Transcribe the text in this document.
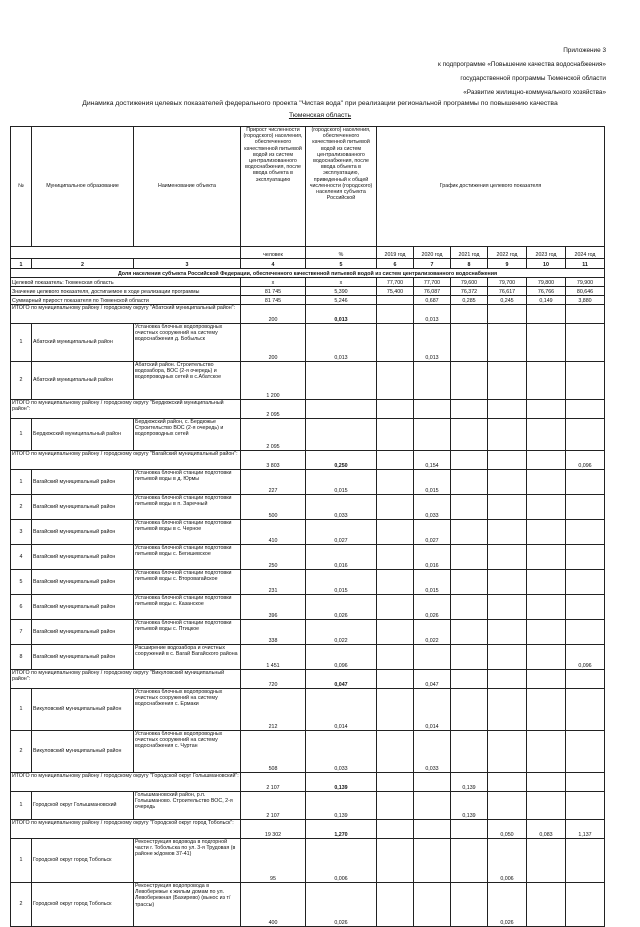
Приложение 3
к подпрограмме «Повышение качества водоснабжения»
государственной программы Тюменской области
«Развитие жилищно-коммунального хозяйства»
Динамика достижения целевых показателей федерального проекта "Чистая вода" при реализации региональной программы по повышению качества
Тюменская область
№	Муниципальное образование	Наименование объекта	Прирост численности (городского) населения, обеспеченного качественной питьевой водой из систем централизованного водоснабжения, после ввода объекта в эксплуатацию	(городского) населения, обеспеченного качественной питьевой водой из систем централизованного водоснабжения, после ввода объекта в эксплуатацию, приведенный к общей численности (городского) населения субъекта Российской	График достижения целевого показателя					
			человек	%	2019 год	2020 год	2021 год	2022 год	2023 год	2024 год
1	2	3	4	5	6	7	8	9	10	11
Доля населения субъекта Российской Федерации, обеспеченного качественной питьевой водой из систем централизованного водоснабжения										
Целевой показатель: Тюменская область			x	x	77,700	77,700	79,600	79,700	79,800	79,900
Значение целевого показателя, достигаемое в ходе реализации программы			81 745	5,390	75,400	76,087	76,372	76,617	76,766	80,646
Суммарный прирост показателя по Тюменской области			81 745	5,246		0,687	0,285	0,245	0,149	3,880
ИТОГО по муниципальному району / городскому округу "Абатский муниципальный район":			200	0,013		0,013				
1	Абатский муниципальный район	Установка блочных водопроводных очистных сооружений на систему водоснабжения д. Бобыльск	200	0,013		0,013				
2	Абатский муниципальный район	Абатский район. Строительство водозабора, ВОС (2-я очередь) и водопроводных сетей в с.Абатское	1 200							
ИТОГО по муниципальному району / городскому округу "Бердюжский муниципальный район":			2 095							
1	Бердюжский муниципальный район	Бердюжский район, с. Бердюжье Строительство ВОС (2-я очередь) и водопроводных сетей	2 095							
ИТОГО по муниципальному району / городскому округу "Вагайский муниципальный район":			3 803	0,250		0,154				0,096
1	Вагайский муниципальный район	Установка блочной станции подготовки питьевой воды в д. Юрмы	227	0,015		0,015				
2	Вагайский муниципальный район	Установка блочной станции подготовки питьевой воды в п. Заречный	500	0,033		0,033				
3	Вагайский муниципальный район	Установка блочной станции подготовки питьевой воды в с. Черное	410	0,027		0,027				
4	Вагайский муниципальный район	Установка блочной станции подготовки питьевой воды с. Бегишевское	250	0,016		0,016				
5	Вагайский муниципальный район	Установка блочной станции подготовки питьевой воды с. Второвагайское	231	0,015		0,015				
6	Вагайский муниципальный район	Установка блочной станции подготовки питьевой воды с. Казанское	396	0,026		0,026				
7	Вагайский муниципальный район	Установка блочной станции подготовки питьевой воды с. Птицкое	338	0,022		0,022				
8	Вагайский муниципальный район	Расширение водозабора и очистных сооружений в с. Вагай Вагайского района	1 451	0,096						0,096
ИТОГО по муниципальному району / городскому округу "Викуловский муниципальный район":			720	0,047		0,047				
1	Викуловский муниципальный район	Установка блочных водопроводных очистных сооружений на систему водоснабжения с. Ермаки	212	0,014		0,014				
2	Викуловский муниципальный район	Установка блочных водопроводных очистных сооружений на систему водоснабжения с. Чуртан	508	0,033		0,033				
ИТОГО по муниципальному району / городскому округу "Городской округ Голышмановский":			2 107	0,139			0,139			
1	Городской округ Голышмановский	Голышмановский район, р.п. Голышманово. Строительство ВОС, 2-я очередь	2 107	0,139			0,139			
ИТОГО по муниципальному району / городскому округу "Городской округ город Тобольск":			19 302	1,270				0,050	0,083	1,137
1	Городской округ город Тобольск	Реконструкция водовода в подгорной части г. Тобольска по ул. 3-я Трудовая (в районе ж/домов 37-41)	95	0,006				0,006		
2	Городской округ город Тобольск	Реконструкция водопровода в Левобережье к жилым домам по ул. Левобережная (Бахирево) (вынос из т/трассы)	400	0,026				0,026		
